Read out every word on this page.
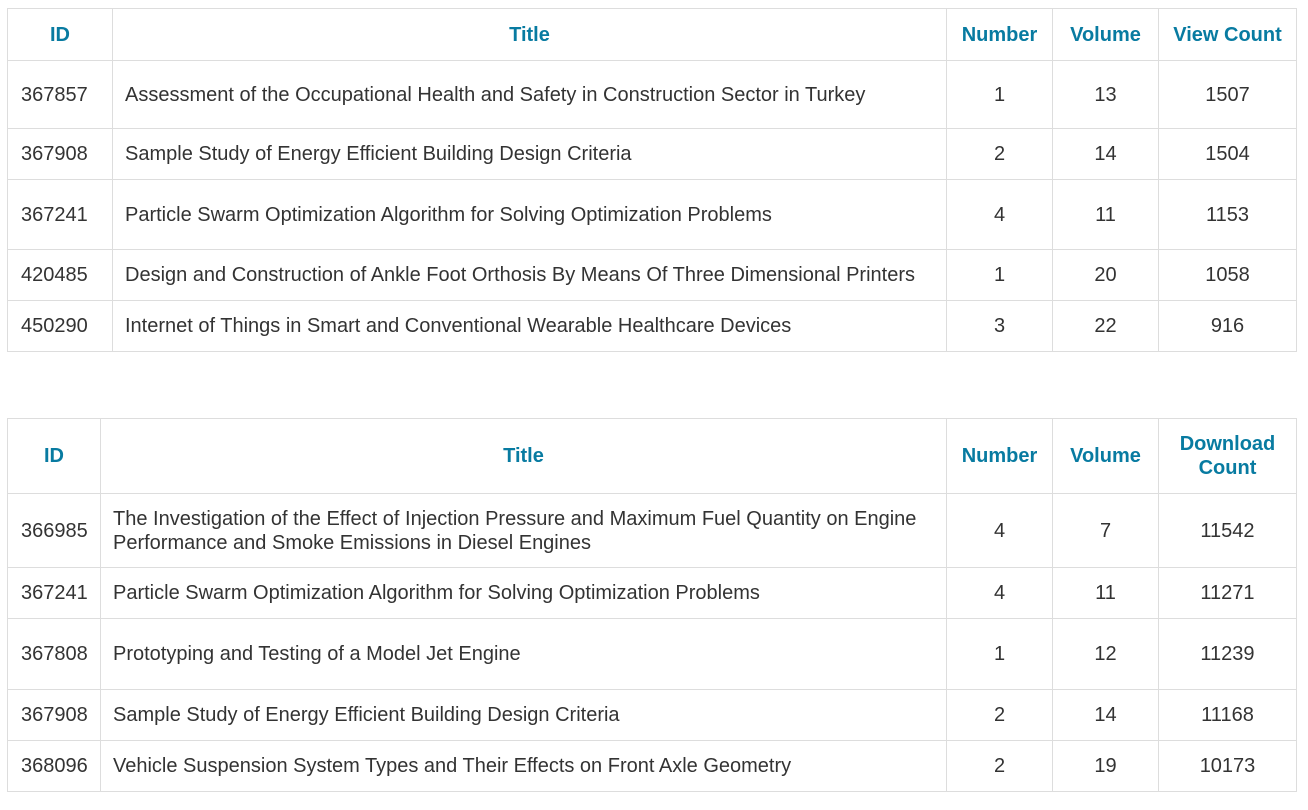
ID	Title	Number	Volume	View Count
367857	Assessment of the Occupational Health and Safety in Construction Sector in Turkey	1	13	1507
367908	Sample Study of Energy Efficient Building Design Criteria	2	14	1504
367241	Particle Swarm Optimization Algorithm for Solving Optimization Problems	4	11	1153
420485	Design and Construction of Ankle Foot Orthosis By Means Of Three Dimensional Printers	1	20	1058
450290	Internet of Things in Smart and Conventional Wearable Healthcare Devices	3	22	916
ID	Title	Number	Volume	Download Count
366985	The Investigation of the Effect of Injection Pressure and Maximum Fuel Quantity on Engine Performance and Smoke Emissions in Diesel Engines	4	7	11542
367241	Particle Swarm Optimization Algorithm for Solving Optimization Problems	4	11	11271
367808	Prototyping and Testing of a Model Jet Engine	1	12	11239
367908	Sample Study of Energy Efficient Building Design Criteria	2	14	11168
368096	Vehicle Suspension System Types and Their Effects on Front Axle Geometry	2	19	10173
